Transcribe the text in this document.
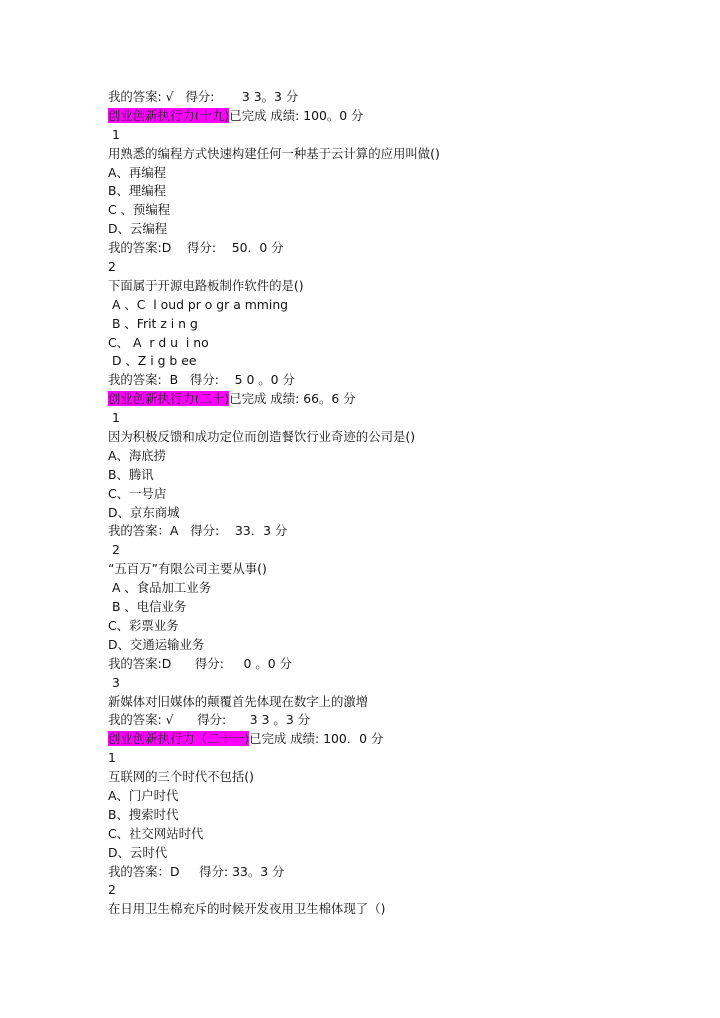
我的答案: √   得分:       3 3。3 分
创业创新执行力(十九)已完成 成绩: 100。0 分
1
用熟悉的编程方式快速构建任何一种基于云计算的应用叫做()
A、再编程
B、理编程
C 、预编程
D、云编程
我的答案:D    得分:    50.  0 分
2
下面属于开源电路板制作软件的是()
A 、C  l oud pr o gr a mming
B 、Frit z i n g
C、 A  r d u  i no
D 、Z i g b ee
我的答案:  B   得分:    5 0 。0 分
创业创新执行力(二十)已完成 成绩: 66。6 分
1
因为积极反馈和成功定位而创造餐饮行业奇迹的公司是()
A、海底捞
B、腾讯
C、一号店
D、京东商城
我的答案：A   得分:    33．3 分
2
“五百万”有限公司主要从事()
A 、食品加工业务
B 、电信业务
C、彩票业务
D、交通运输业务
我的答案:D      得分:     0 。0 分
3
新媒体对旧媒体的颠覆首先体现在数字上的激增
我的答案: √      得分:      3 3 。3 分
创业创新执行力（二十一)已完成 成绩: 100．0 分
1
互联网的三个时代不包括()
A、门户时代
B、搜索时代
C、社交网站时代
D、云时代
我的答案：D     得分: 33。3 分
2
在日用卫生棉充斥的时候开发夜用卫生棉体现了（)
